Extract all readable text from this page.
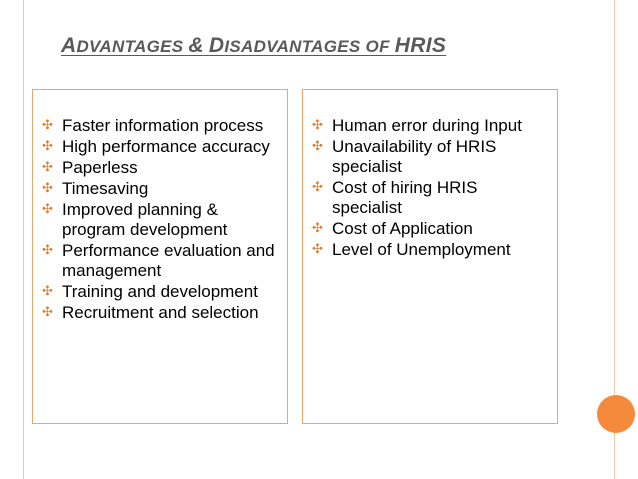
ADVANTAGES & DISADVANTAGES OF HRIS
✣ Faster information process
✣ High performance accuracy
✣ Paperless
✣ Timesaving
✣ Improved planning & program development
✣ Performance evaluation and management
✣ Training and development
✣ Recruitment and selection
✣ Human error during Input
✣ Unavailability of HRIS specialist
✣ Cost of hiring HRIS specialist
✣ Cost of Application
✣ Level of Unemployment
